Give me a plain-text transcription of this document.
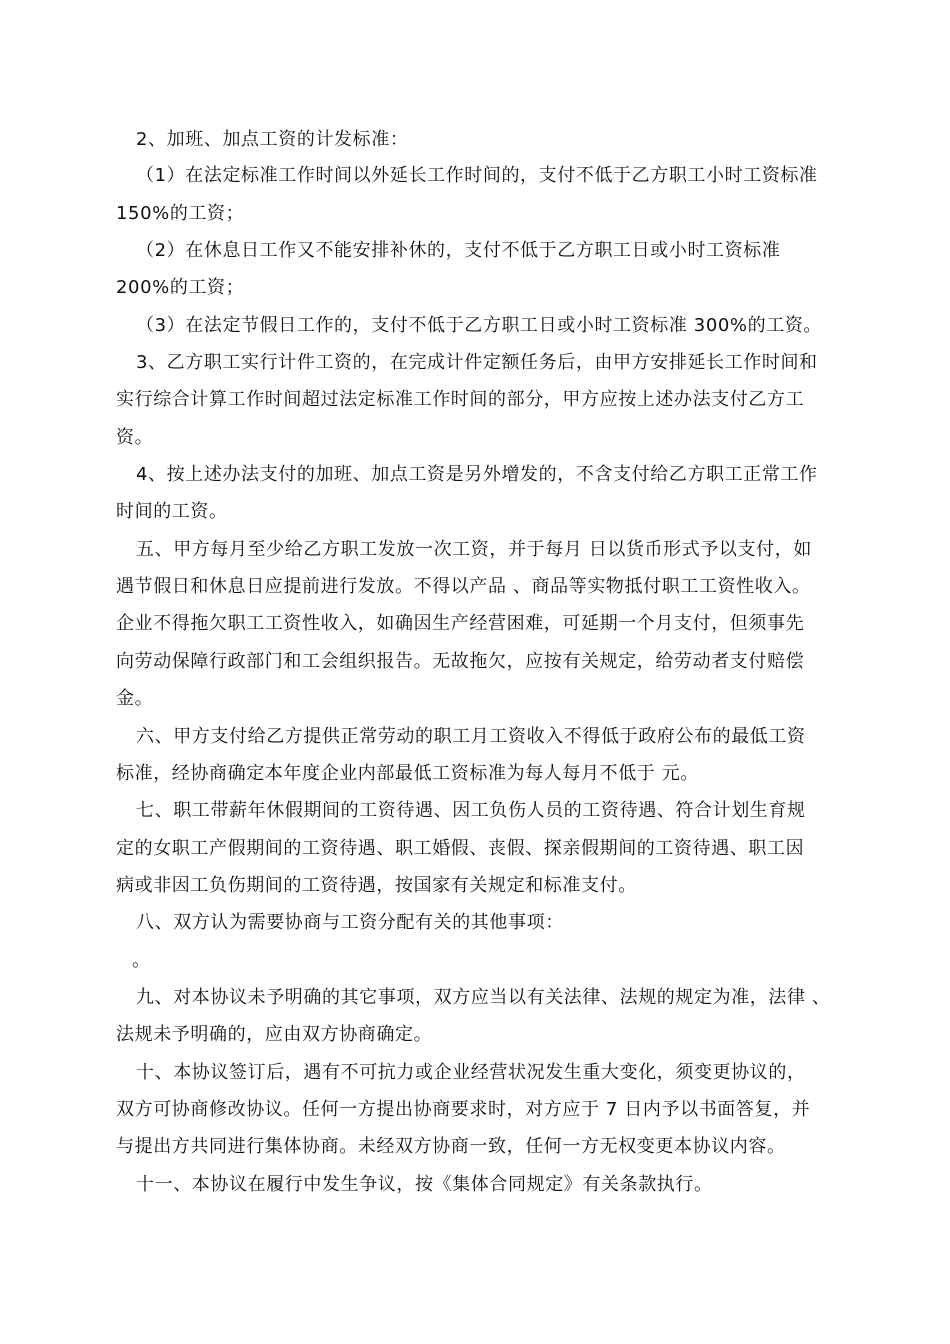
2、加班、加点工资的计发标准：
（1）在法定标准工作时间以外延长工作时间的，支付不低于乙方职工小时工资标准
150%的工资；
（2）在休息日工作又不能安排补休的，支付不低于乙方职工日或小时工资标准
200%的工资；
（3）在法定节假日工作的，支付不低于乙方职工日或小时工资标准 300%的工资。
3、乙方职工实行计件工资的，在完成计件定额任务后，由甲方安排延长工作时间和
实行综合计算工作时间超过法定标准工作时间的部分，甲方应按上述办法支付乙方工
资。
4、按上述办法支付的加班、加点工资是另外增发的，不含支付给乙方职工正常工作
时间的工资。
五、甲方每月至少给乙方职工发放一次工资，并于每月 日以货币形式予以支付，如
遇节假日和休息日应提前进行发放。不得以产品 、商品等实物抵付职工工资性收入。
企业不得拖欠职工工资性收入，如确因生产经营困难，可延期一个月支付，但须事先
向劳动保障行政部门和工会组织报告。无故拖欠，应按有关规定，给劳动者支付赔偿
金。
六、甲方支付给乙方提供正常劳动的职工月工资收入不得低于政府公布的最低工资
标准，经协商确定本年度企业内部最低工资标准为每人每月不低于 元。
七、职工带薪年休假期间的工资待遇、因工负伤人员的工资待遇、符合计划生育规
定的女职工产假期间的工资待遇、职工婚假、丧假、探亲假期间的工资待遇、职工因
病或非因工负伤期间的工资待遇，按国家有关规定和标准支付。
八、双方认为需要协商与工资分配有关的其他事项：
。
九、对本协议未予明确的其它事项，双方应当以有关法律、法规的规定为准，法律 、
法规未予明确的，应由双方协商确定。
十、本协议签订后，遇有不可抗力或企业经营状况发生重大变化，须变更协议的，
双方可协商修改协议。任何一方提出协商要求时，对方应于 7 日内予以书面答复，并
与提出方共同进行集体协商。未经双方协商一致，任何一方无权变更本协议内容。
十一、本协议在履行中发生争议，按《集体合同规定》有关条款执行。
